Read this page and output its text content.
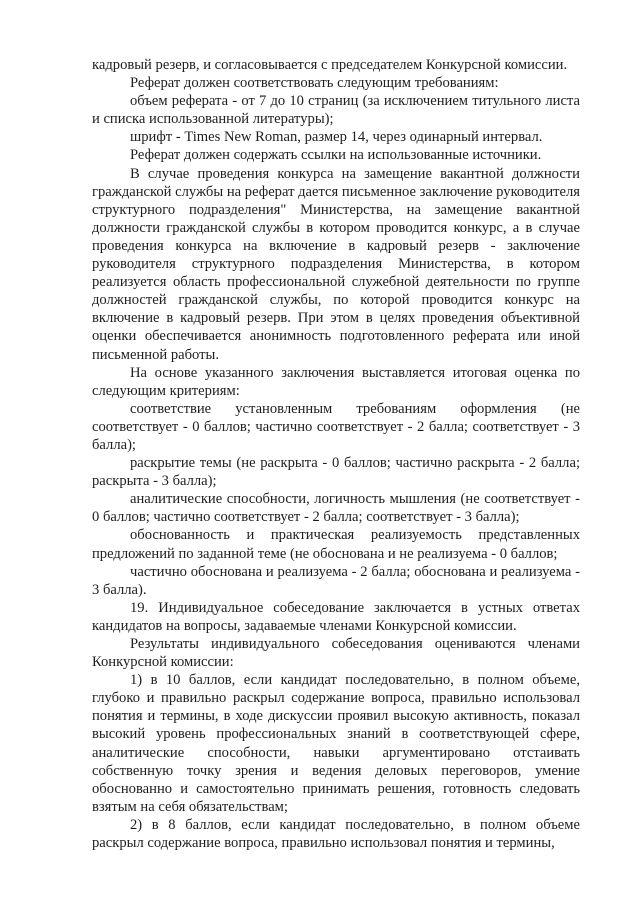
кадровый резерв, и согласовывается с председателем Конкурсной комиссии.

Реферат должен соответствовать следующим требованиям:

объем реферата - от 7 до 10 страниц (за исключением титульного листа и списка использованной литературы);

шрифт - Times New Roman, размер 14, через одинарный интервал.

Реферат должен содержать ссылки на использованные источники.

В случае проведения конкурса на замещение вакантной должности гражданской службы на реферат дается письменное заключение руководителя структурного подразделения" Министерства, на замещение вакантной должности гражданской службы в котором проводится конкурс, а в случае проведения конкурса на включение в кадровый резерв - заключение руководителя структурного подразделения Министерства, в котором реализуется область профессиональной служебной деятельности по группе должностей гражданской службы, по которой проводится конкурс на включение в кадровый резерв. При этом в целях проведения объективной оценки обеспечивается анонимность подготовленного реферата или иной письменной работы.

На основе указанного заключения выставляется итоговая оценка по следующим критериям:

соответствие установленным требованиям оформления (не соответствует - 0 баллов; частично соответствует - 2 балла; соответствует - 3 балла);

раскрытие темы (не раскрыта - 0 баллов; частично раскрыта - 2 балла; раскрыта - 3 балла);

аналитические способности, логичность мышления (не соответствует - 0 баллов; частично соответствует - 2 балла; соответствует - 3 балла);

обоснованность и практическая реализуемость представленных предложений по заданной теме (не обоснована и не реализуема - 0 баллов;

частично обоснована и реализуема - 2 балла; обоснована и реализуема - 3 балла).

19. Индивидуальное собеседование заключается в устных ответах кандидатов на вопросы, задаваемые членами Конкурсной комиссии.

Результаты индивидуального собеседования оцениваются членами Конкурсной комиссии:

1) в 10 баллов, если кандидат последовательно, в полном объеме, глубоко и правильно раскрыл содержание вопроса, правильно использовал понятия и термины, в ходе дискуссии проявил высокую активность, показал высокий уровень профессиональных знаний в соответствующей сфере, аналитические способности, навыки аргументировано отстаивать собственную точку зрения и ведения деловых переговоров, умение обоснованно и самостоятельно принимать решения, готовность следовать взятым на себя обязательствам;

2) в 8 баллов, если кандидат последовательно, в полном объеме раскрыл содержание вопроса, правильно использовал понятия и термины,
